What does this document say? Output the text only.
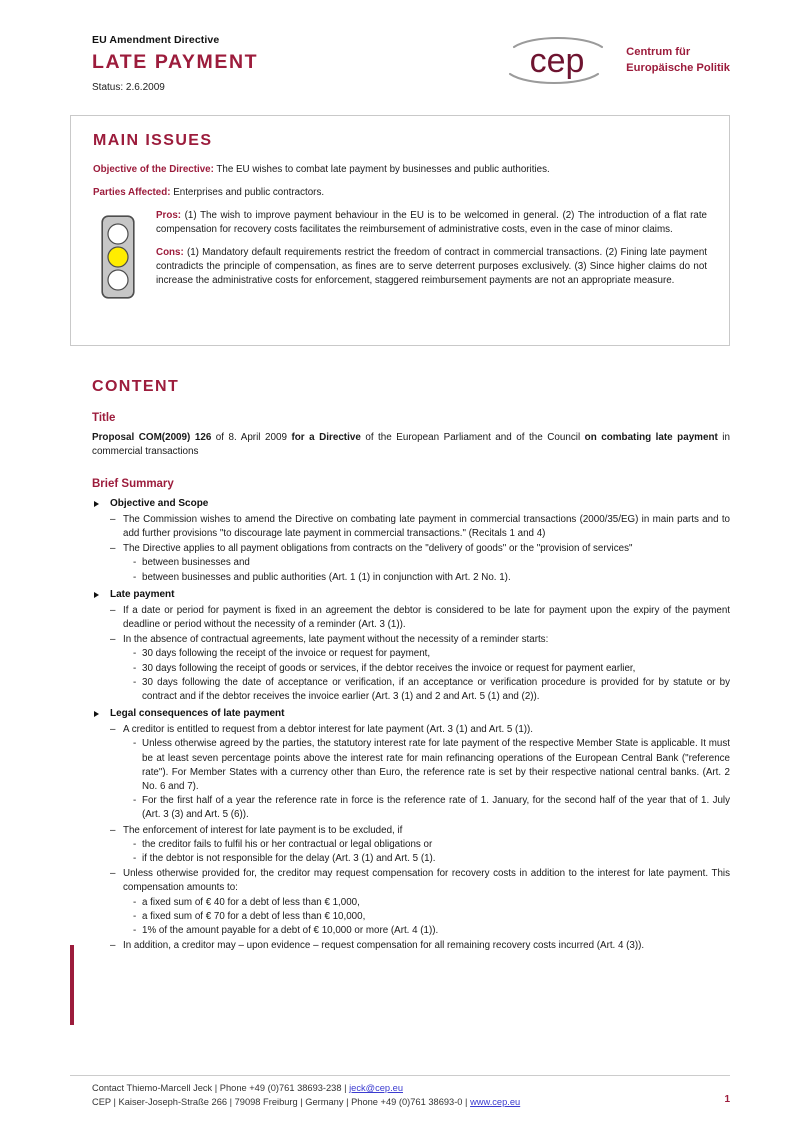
EU Amendment Directive

LATE PAYMENT

Status: 2.6.2009

cep	Centrum für
Europäische Politik
MAIN ISSUES

Objective of the Directive: The EU wishes to combat late payment by businesses and public authorities.

Parties Affected: Enterprises and public contractors.

Pros: (1) The wish to improve payment behaviour in the EU is to be welcomed in general. (2) The introduction of a flat rate compensation for recovery costs facilitates the reimbursement of administrative costs, even in the case of minor claims.

Cons: (1) Mandatory default requirements restrict the freedom of contract in commercial transactions. (2) Fining late payment contradicts the principle of compensation, as fines are to serve deterrent purposes exclusively. (3) Since higher claims do not increase the administrative costs for enforcement, staggered reimbursement payments are not an appropriate measure.

CONTENT
Title

Proposal COM(2009) 126 of 8. April 2009 for a Directive of the European Parliament and of the Council on combating late payment in commercial transactions

Brief Summary
Objective and Scope
– The Commission wishes to amend the Directive on combating late payment in commercial transactions (2000/35/EG) in main parts and to add further provisions "to discourage late payment in commercial transactions." (Recitals 1 and 4)
– The Directive applies to all payment obligations from contracts on the "delivery of goods" or the "provision of services"
- between businesses and
- between businesses and public authorities (Art. 1 (1) in conjunction with Art. 2 No. 1).
Late payment
– If a date or period for payment is fixed in an agreement the debtor is considered to be late for payment upon the expiry of the payment deadline or period without the necessity of a reminder (Art. 3 (1)).
– In the absence of contractual agreements, late payment without the necessity of a reminder starts:
- 30 days following the receipt of the invoice or request for payment,
- 30 days following the receipt of goods or services, if the debtor receives the invoice or request for payment earlier,
- 30 days following the date of acceptance or verification, if an acceptance or verification procedure is provided for by statute or by contract and if the debtor receives the invoice earlier (Art. 3 (1) and 2 and Art. 5 (1) and (2)).
Legal consequences of late payment
– A creditor is entitled to request from a debtor interest for late payment (Art. 3 (1) and Art. 5 (1)).
- Unless otherwise agreed by the parties, the statutory interest rate for late payment of the respective Member State is applicable. It must be at least seven percentage points above the interest rate for main refinancing operations of the European Central Bank ("reference rate"). For Member States with a currency other than Euro, the reference rate is set by their respective national central banks. (Art. 2 No. 6 and 7).
- For the first half of a year the reference rate in force is the reference rate of 1. January, for the second half of the year that of 1. July (Art. 3 (3) and Art. 5 (6)).
– The enforcement of interest for late payment is to be excluded, if
- the creditor fails to fulfil his or her contractual or legal obligations or
- if the debtor is not responsible for the delay (Art. 3 (1) and Art. 5 (1).
– Unless otherwise provided for, the creditor may request compensation for recovery costs in addition to the interest for late payment. This compensation amounts to:
- a fixed sum of € 40 for a debt of less than € 1,000,
- a fixed sum of € 70 for a debt of less than € 10,000,
- 1% of the amount payable for a debt of € 10,000 or more (Art. 4 (1)).
– In addition, a creditor may – upon evidence – request compensation for all remaining recovery costs incurred (Art. 4 (3)).

Contact Thiemo-Marcell Jeck | Phone +49 (0)761 38693-238 | jeck@cep.eu

CEP | Kaiser-Joseph-Straße 266 | 79098 Freiburg | Germany | Phone +49 (0)761 38693-0 | www.cep.eu	1
